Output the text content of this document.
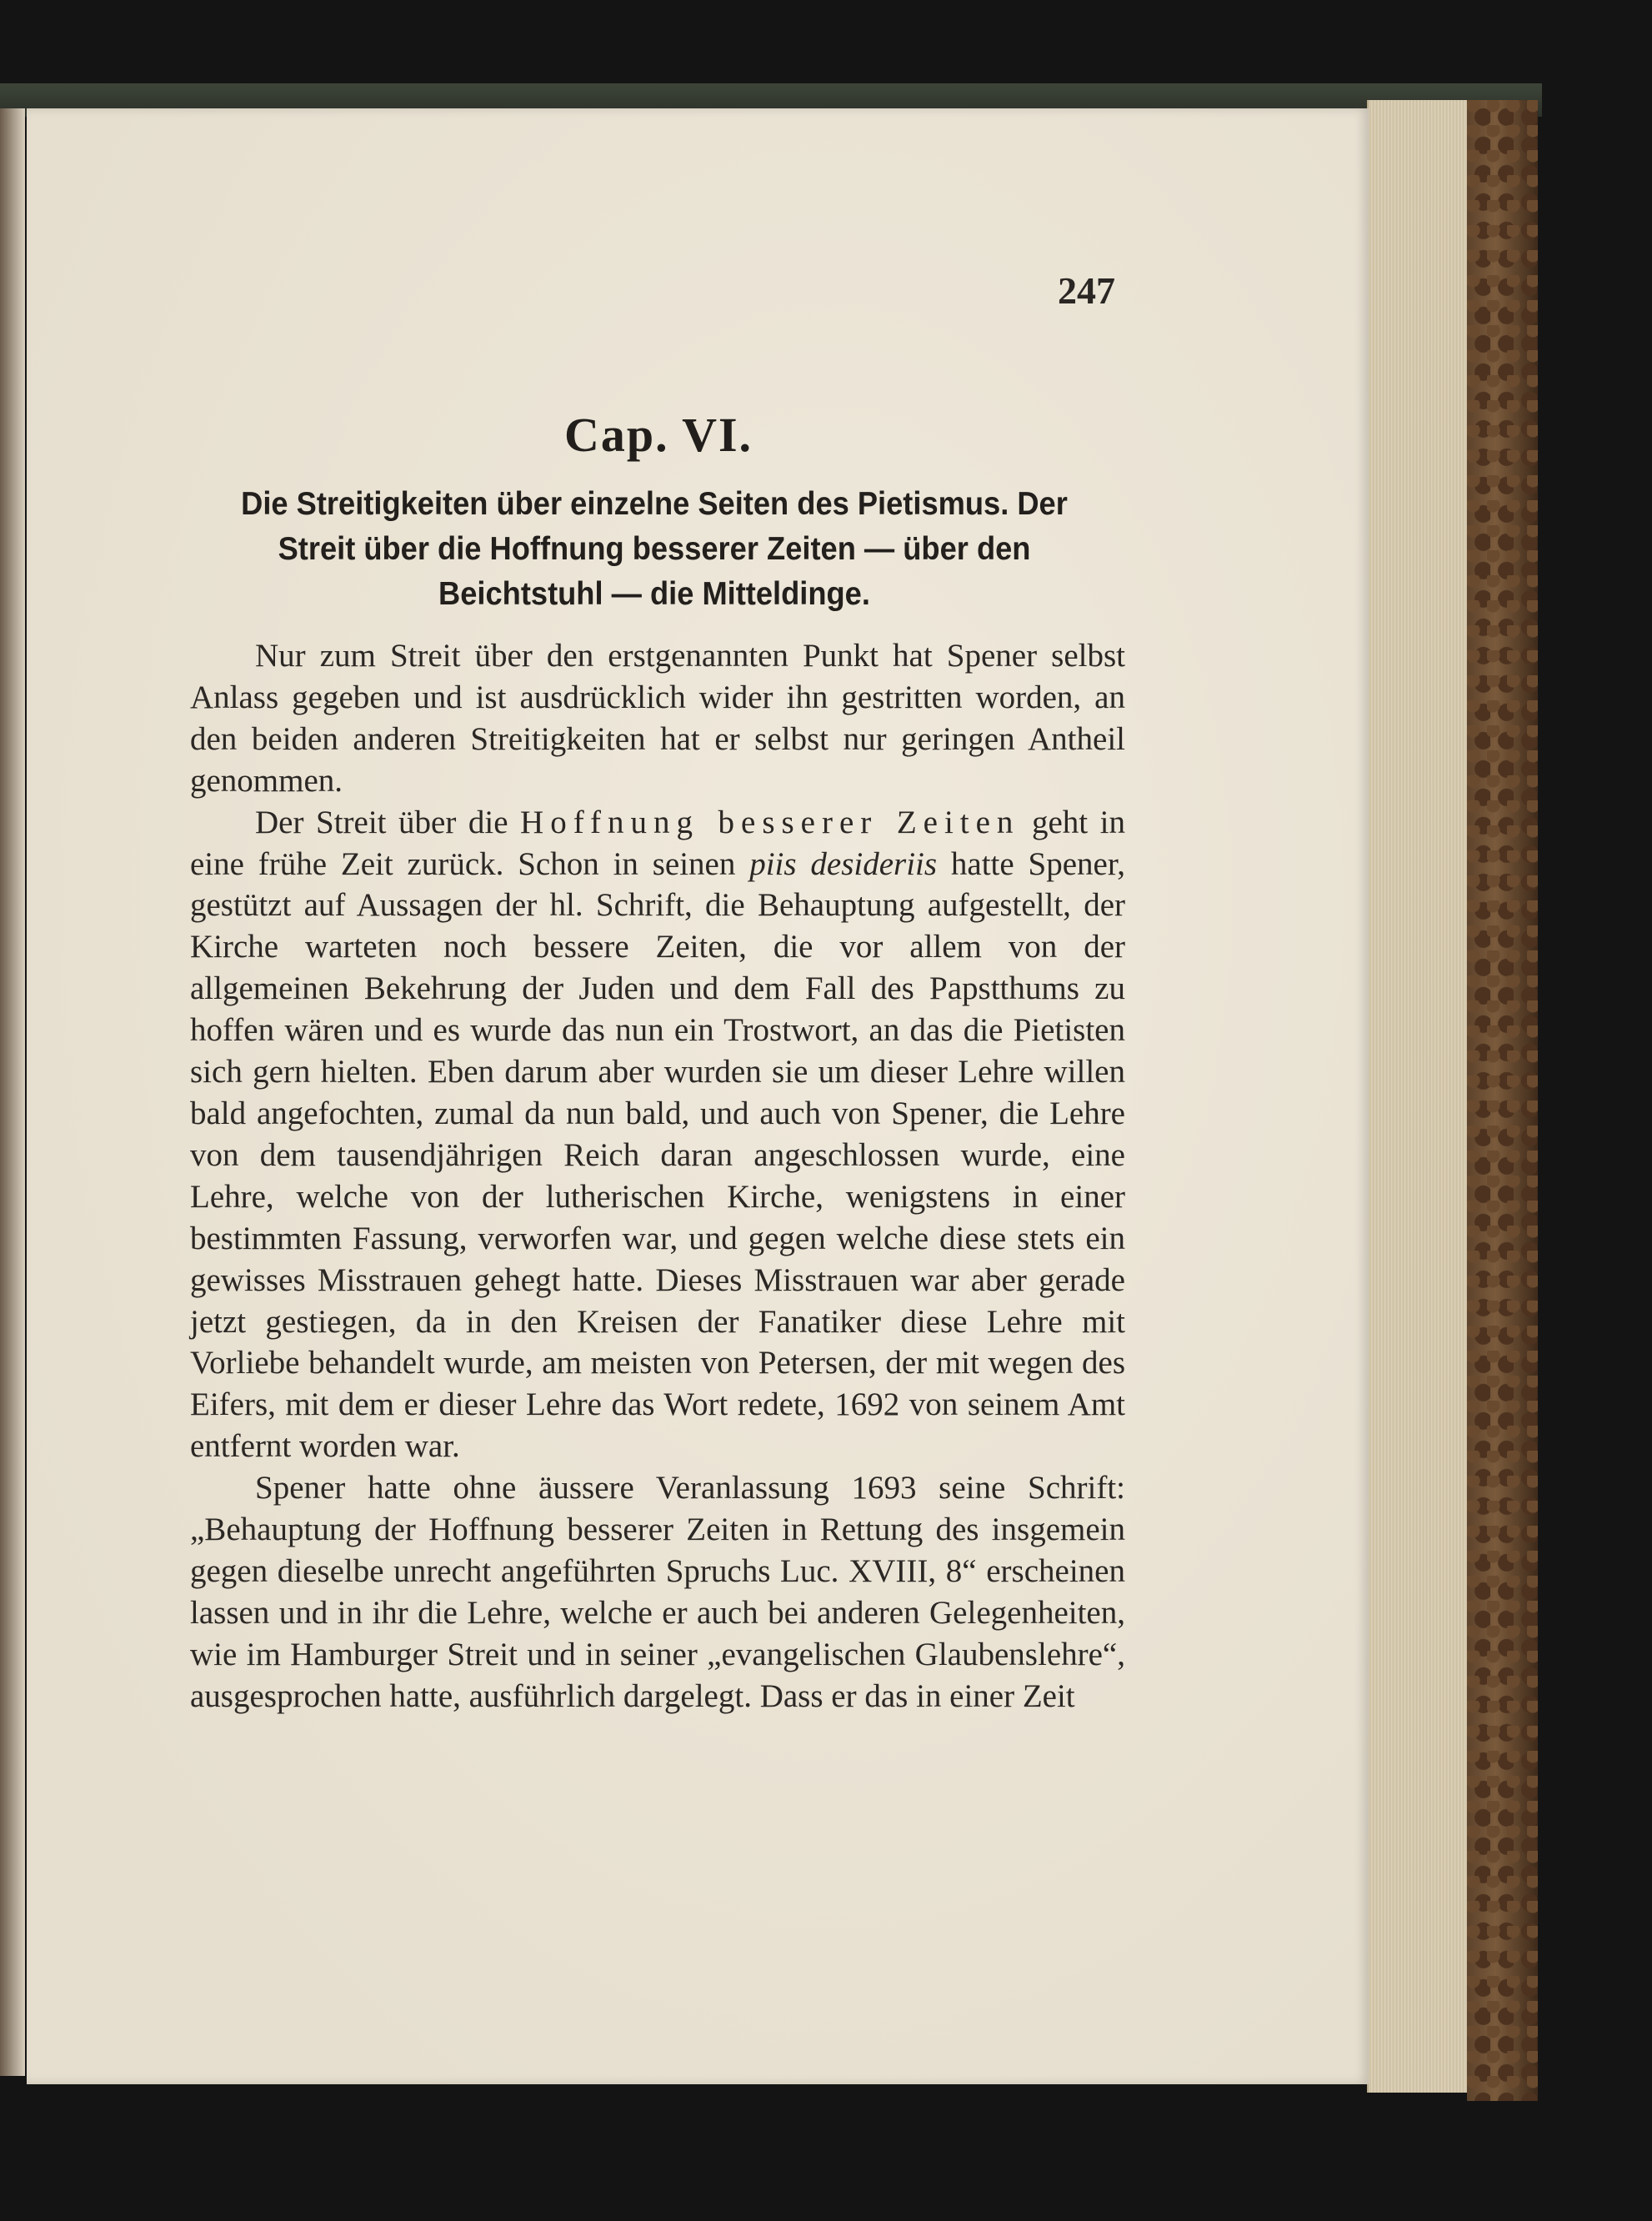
247
Cap. VI.
Die Streitigkeiten über einzelne Seiten des Pietismus. Der Streit über die Hoffnung besserer Zeiten — über den Beichtstuhl — die Mitteldinge.

Nur zum Streit über den erstgenannten Punkt hat Spener selbst Anlass gegeben und ist ausdrücklich wider ihn gestritten worden, an den beiden anderen Streitigkeiten hat er selbst nur geringen Antheil genommen.

Der Streit über die Hoffnung besserer Zeiten geht in eine frühe Zeit zurück. Schon in seinen piis desideriis hatte Spener, gestützt auf Aussagen der hl. Schrift, die Behauptung aufgestellt, der Kirche warteten noch bessere Zeiten, die vor allem von der allgemeinen Bekehrung der Juden und dem Fall des Papstthums zu hoffen wären und es wurde das nun ein Trostwort, an das die Pietisten sich gern hielten. Eben darum aber wurden sie um dieser Lehre willen bald angefochten, zumal da nun bald, und auch von Spener, die Lehre von dem tausendjährigen Reich daran angeschlossen wurde, eine Lehre, welche von der lutherischen Kirche, wenigstens in einer bestimmten Fassung, verworfen war, und gegen welche diese stets ein gewisses Misstrauen gehegt hatte. Dieses Misstrauen war aber gerade jetzt gestiegen, da in den Kreisen der Fanatiker diese Lehre mit Vorliebe behandelt wurde, am meisten von Petersen, der mit wegen des Eifers, mit dem er dieser Lehre das Wort redete, 1692 von seinem Amt entfernt worden war.

Spener hatte ohne äussere Veranlassung 1693 seine Schrift: „Behauptung der Hoffnung besserer Zeiten in Rettung des insgemein gegen dieselbe unrecht angeführten Spruchs Luc. XVIII, 8“ erscheinen lassen und in ihr die Lehre, welche er auch bei anderen Gelegenheiten, wie im Hamburger Streit und in seiner „evangelischen Glaubenslehre“, ausgesprochen hatte, ausführlich dargelegt. Dass er das in einer Zeit
